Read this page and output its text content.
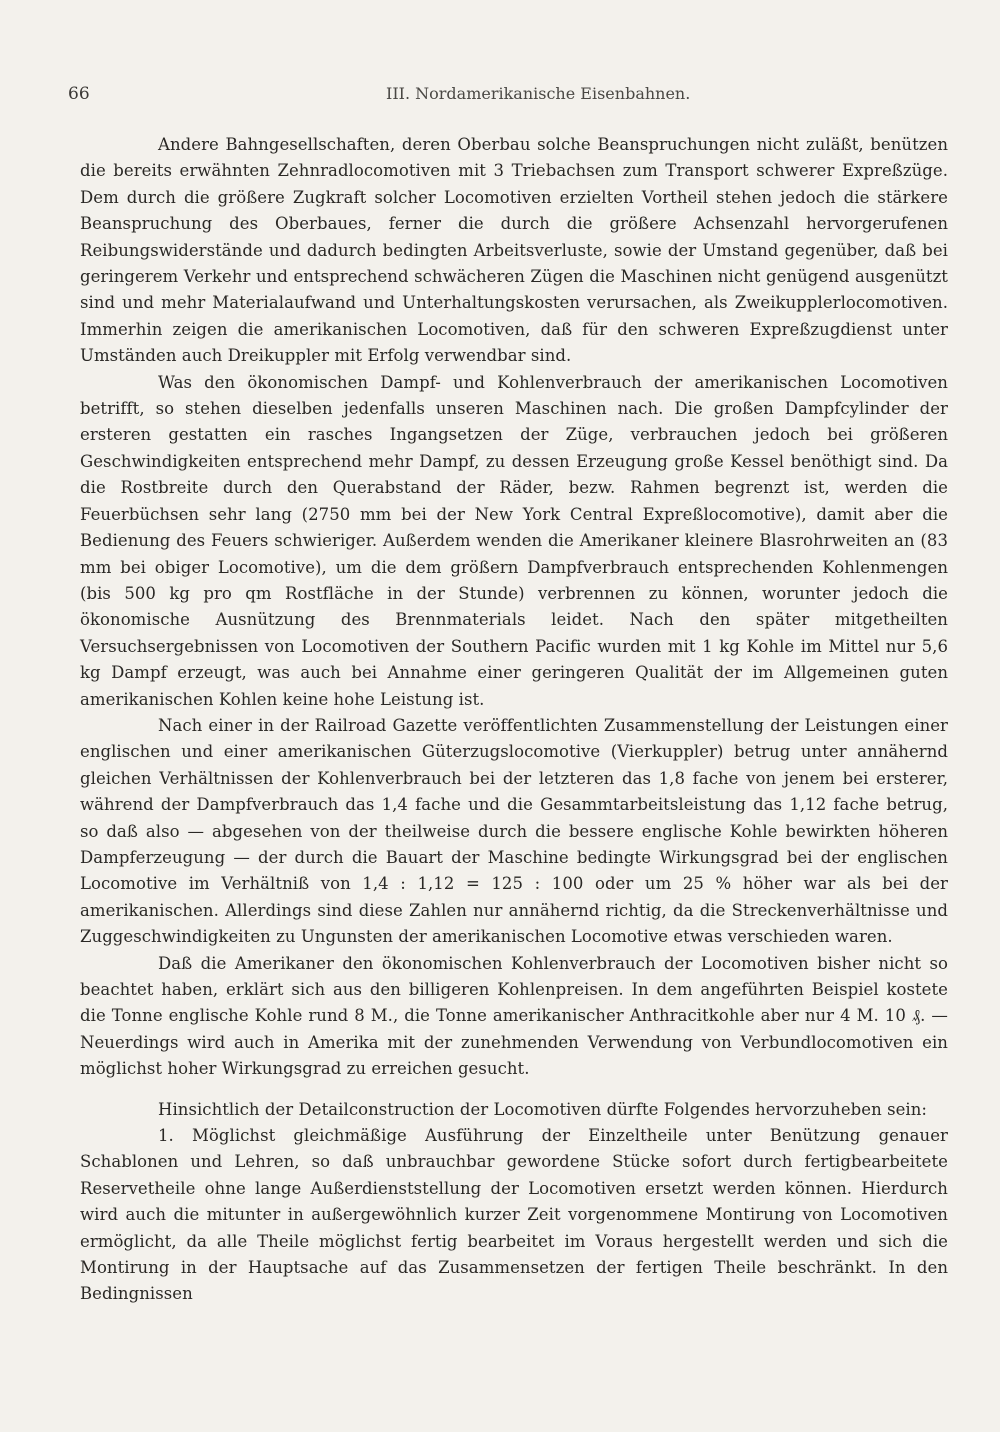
66	III. Nordamerikanische Eisenbahnen.

Andere Bahngesellschaften, deren Oberbau solche Beanspruchungen nicht zuläßt, benützen die bereits erwähnten Zehnradlocomotiven mit 3 Triebachsen zum Transport schwerer Expreßzüge. Dem durch die größere Zugkraft solcher Locomotiven erzielten Vortheil stehen jedoch die stärkere Beanspruchung des Oberbaues, ferner die durch die größere Achsenzahl hervorgerufenen Reibungswiderstände und dadurch bedingten Arbeitsverluste, sowie der Umstand gegenüber, daß bei geringerem Verkehr und entsprechend schwächeren Zügen die Maschinen nicht genügend ausgenützt sind und mehr Materialaufwand und Unterhaltungskosten verursachen, als Zweikupplerlocomotiven. Immerhin zeigen die amerikanischen Locomotiven, daß für den schweren Expreßzugdienst unter Umständen auch Dreikuppler mit Erfolg verwendbar sind.

Was den ökonomischen Dampf- und Kohlenverbrauch der amerikanischen Locomotiven betrifft, so stehen dieselben jedenfalls unseren Maschinen nach. Die großen Dampfcylinder der ersteren gestatten ein rasches Ingangsetzen der Züge, verbrauchen jedoch bei größeren Geschwindigkeiten entsprechend mehr Dampf, zu dessen Erzeugung große Kessel benöthigt sind. Da die Rostbreite durch den Querabstand der Räder, bezw. Rahmen begrenzt ist, werden die Feuerbüchsen sehr lang (2750 mm bei der New York Central Expreßlocomotive), damit aber die Bedienung des Feuers schwieriger. Außerdem wenden die Amerikaner kleinere Blasrohrweiten an (83 mm bei obiger Locomotive), um die dem größern Dampfverbrauch entsprechenden Kohlenmengen (bis 500 kg pro qm Rostfläche in der Stunde) verbrennen zu können, worunter jedoch die ökonomische Ausnützung des Brennmaterials leidet. Nach den später mitgetheilten Versuchsergebnissen von Locomotiven der Southern Pacific wurden mit 1 kg Kohle im Mittel nur 5,6 kg Dampf erzeugt, was auch bei Annahme einer geringeren Qualität der im Allgemeinen guten amerikanischen Kohlen keine hohe Leistung ist.

Nach einer in der Railroad Gazette veröffentlichten Zusammenstellung der Leistungen einer englischen und einer amerikanischen Güterzugslocomotive (Vierkuppler) betrug unter annähernd gleichen Verhältnissen der Kohlenverbrauch bei der letzteren das 1,8 fache von jenem bei ersterer, während der Dampfverbrauch das 1,4 fache und die Gesammtarbeitsleistung das 1,12 fache betrug, so daß also — abgesehen von der theilweise durch die bessere englische Kohle bewirkten höheren Dampferzeugung — der durch die Bauart der Maschine bedingte Wirkungsgrad bei der englischen Locomotive im Verhältniß von 1,4 : 1,12 = 125 : 100 oder um 25 % höher war als bei der amerikanischen. Allerdings sind diese Zahlen nur annähernd richtig, da die Streckenverhältnisse und Zuggeschwindigkeiten zu Ungunsten der amerikanischen Locomotive etwas verschieden waren.

Daß die Amerikaner den ökonomischen Kohlenverbrauch der Locomotiven bisher nicht so beachtet haben, erklärt sich aus den billigeren Kohlenpreisen. In dem angeführten Beispiel kostete die Tonne englische Kohle rund 8 M., die Tonne amerikanischer Anthracitkohle aber nur 4 M. 10 ₰. — Neuerdings wird auch in Amerika mit der zunehmenden Verwendung von Verbundlocomotiven ein möglichst hoher Wirkungsgrad zu erreichen gesucht.

Hinsichtlich der Detailconstruction der Locomotiven dürfte Folgendes hervorzuheben sein:

1. Möglichst gleichmäßige Ausführung der Einzeltheile unter Benützung genauer Schablonen und Lehren, so daß unbrauchbar gewordene Stücke sofort durch fertigbearbeitete Reservetheile ohne lange Außerdienststellung der Locomotiven ersetzt werden können. Hierdurch wird auch die mitunter in außergewöhnlich kurzer Zeit vorgenommene Montirung von Locomotiven ermöglicht, da alle Theile möglichst fertig bearbeitet im Voraus hergestellt werden und sich die Montirung in der Hauptsache auf das Zusammensetzen der fertigen Theile beschränkt. In den Bedingnissen
